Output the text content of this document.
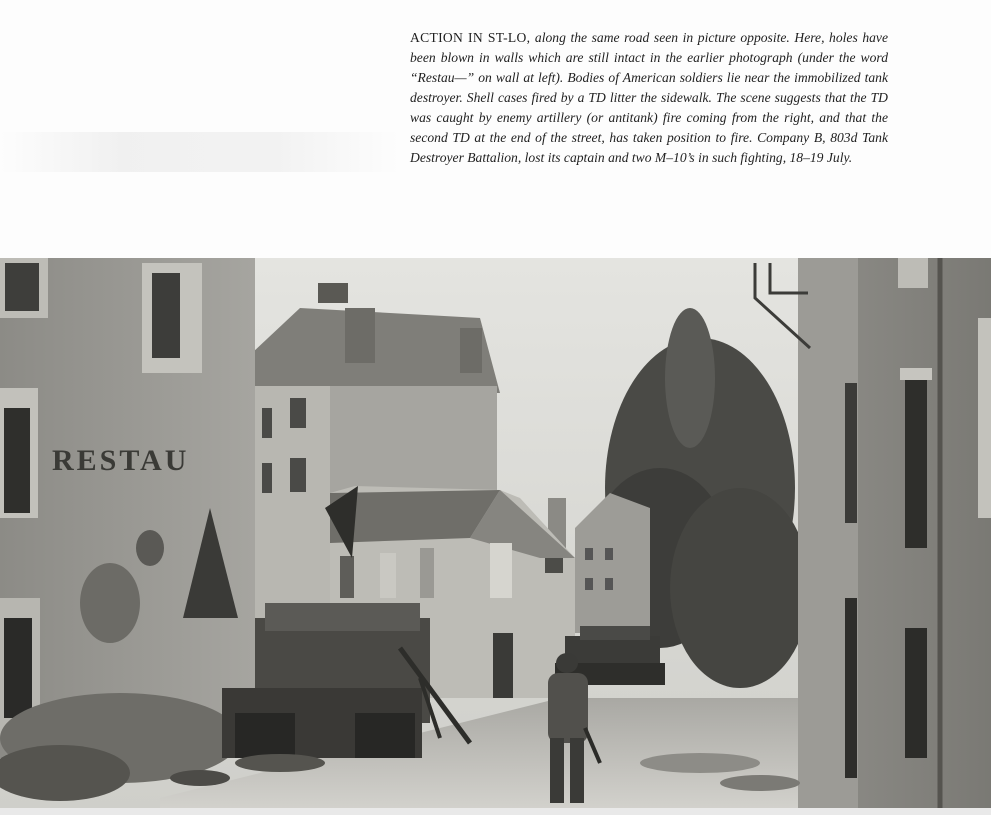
ACTION IN ST-LO, along the same road seen in picture opposite. Here, holes have been blown in walls which are still intact in the earlier photograph (under the word “Restau—” on wall at left). Bodies of American soldiers lie near the immobilized tank destroyer. Shell cases fired by a TD litter the sidewalk. The scene suggests that the TD was caught by enemy artillery (or antitank) fire coming from the right, and that the second TD at the end of the street, has taken position to fire. Company B, 803d Tank Destroyer Battalion, lost its captain and two M–10’s in such fighting, 18–19 July.

RESTAU
